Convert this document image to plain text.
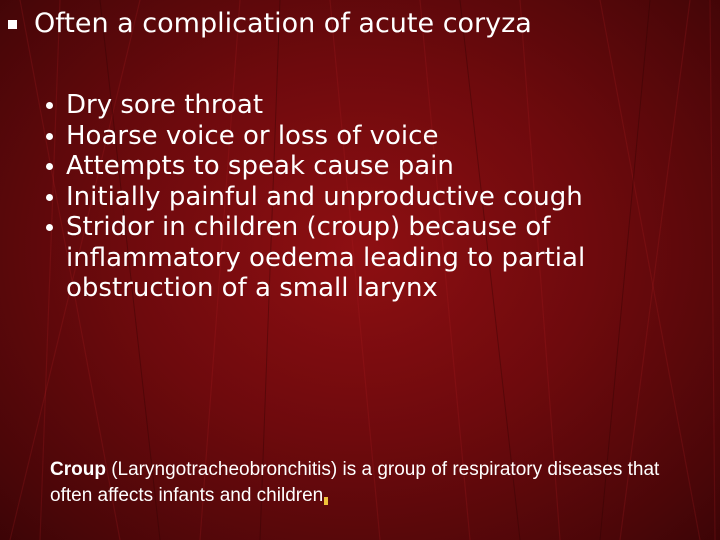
Often a complication of acute coryza
Dry sore throat
Hoarse voice or loss of voice
Attempts to speak cause pain
Initially painful and unproductive cough
Stridor in children (croup) because of inflammatory oedema leading to partial obstruction of a small larynx
Croup (Laryngotracheobronchitis) is a group of respiratory diseases that often affects infants and children
